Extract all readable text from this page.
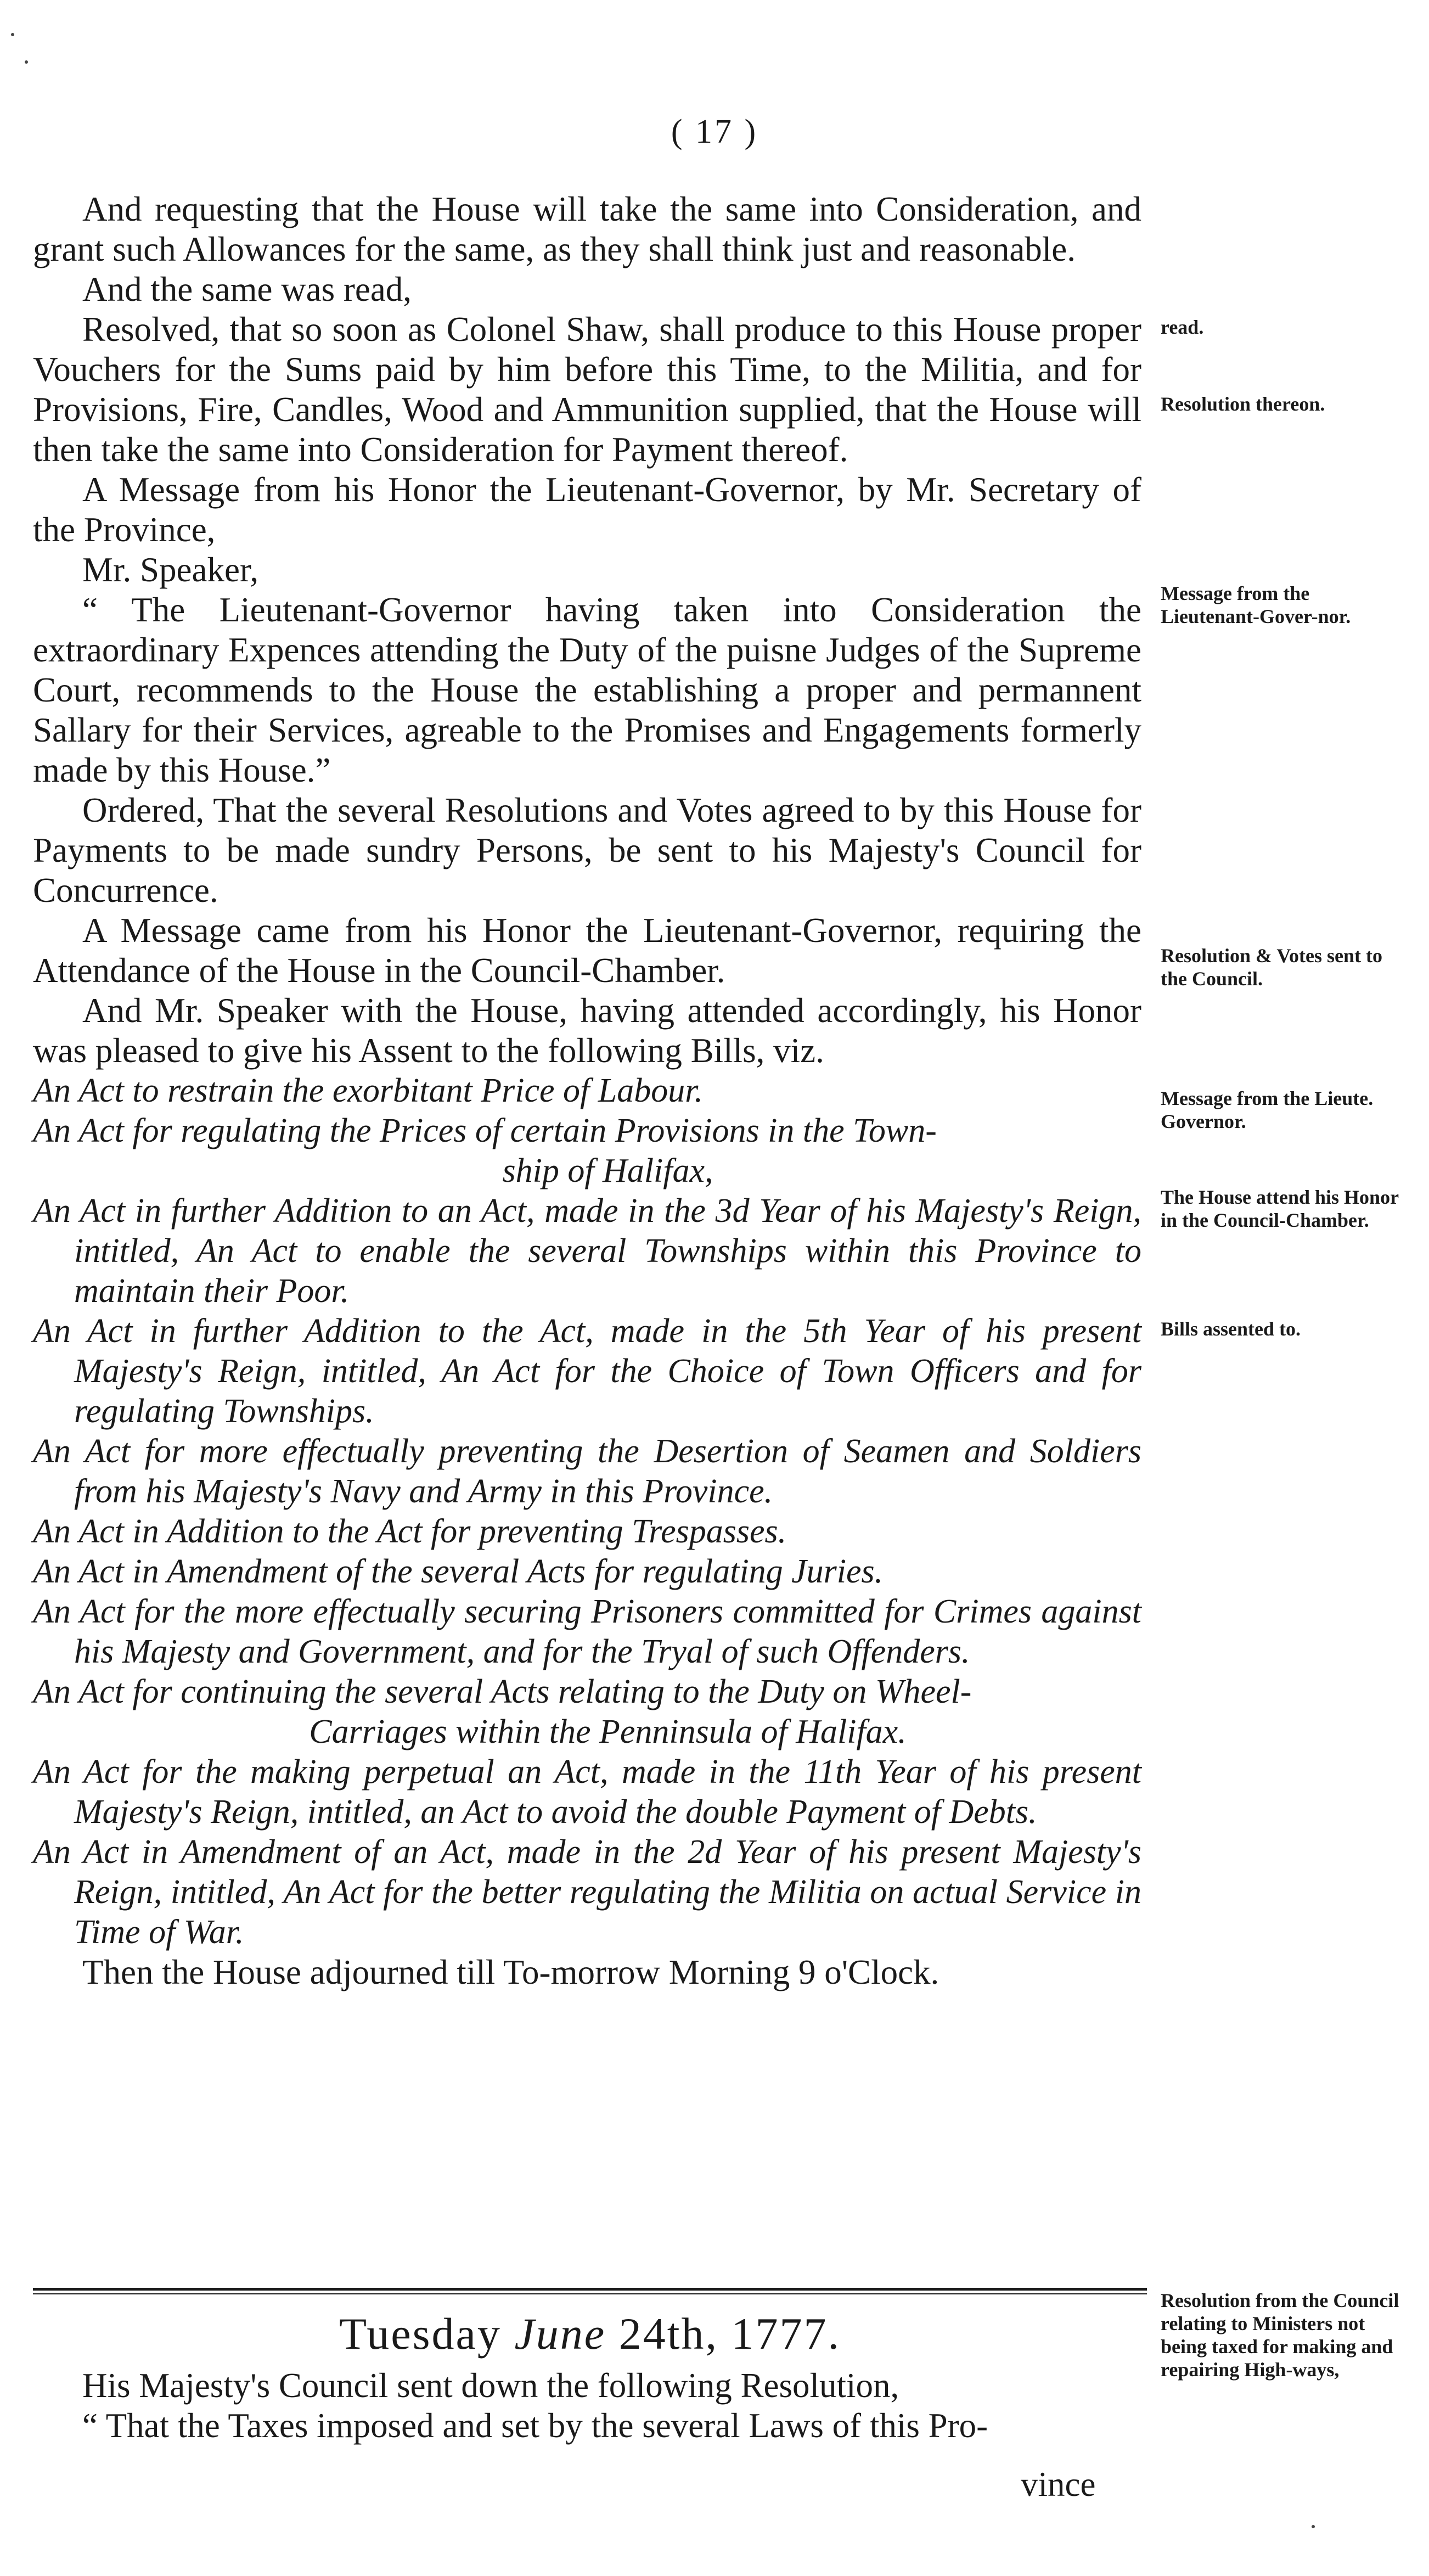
( 17 )

And requesting that the House will take the same into Consideration, and grant such Allowances for the same, as they shall think just and reasonable.

And the same was read,

Resolved, that so soon as Colonel Shaw, shall produce to this House proper Vouchers for the Sums paid by him before this Time, to the Militia, and for Provisions, Fire, Candles, Wood and Ammunition supplied, that the House will then take the same into Consideration for Payment thereof.

A Message from his Honor the Lieutenant-Governor, by Mr. Secretary of the Province,

Mr. Speaker,

“ The Lieutenant-Governor having taken into Consideration the extraordinary Expences attending the Duty of the puisne Judges of the Supreme Court, recommends to the House the establishing a proper and permannent Sallary for their Services, agreable to the Promises and Engagements formerly made by this House.”

Ordered, That the several Resolutions and Votes agreed to by this House for Payments to be made sundry Persons, be sent to his Majesty's Council for Concurrence.

A Message came from his Honor the Lieutenant-Governor, requiring the Attendance of the House in the Council-Chamber.

And Mr. Speaker with the House, having attended accordingly, his Honor was pleased to give his Assent to the following Bills, viz.

An Act to restrain the exorbitant Price of Labour.

An Act for regulating the Prices of certain Provisions in the Town-
ship of Halifax,

An Act in further Addition to an Act, made in the 3d Year of his Majesty's Reign, intitled, An Act to enable the several Townships within this Province to maintain their Poor.

An Act in further Addition to the Act, made in the 5th Year of his present Majesty's Reign, intitled, An Act for the Choice of Town Officers and for regulating Townships.

An Act for more effectually preventing the Desertion of Seamen and Soldiers from his Majesty's Navy and Army in this Province.

An Act in Addition to the Act for preventing Trespasses.

An Act in Amendment of the several Acts for regulating Juries.

An Act for the more effectually securing Prisoners committed for Crimes against his Majesty and Government, and for the Tryal of such Offenders.

An Act for continuing the several Acts relating to the Duty on Wheel-
Carriages within the Penninsula of Halifax.

An Act for the making perpetual an Act, made in the 11th Year of his present Majesty's Reign, intitled, an Act to avoid the double Payment of Debts.

An Act in Amendment of an Act, made in the 2d Year of his present Majesty's Reign, intitled, An Act for the better regulating the Militia on actual Service in Time of War.

Then the House adjourned till To-morrow Morning 9 o'Clock.

Tuesday June 24th, 1777.

His Majesty's Council sent down the following Resolution,

“ That the Taxes imposed and set by the several Laws of this Pro-

vince
read.
Resolution thereon.
Message from the Lieutenant-Gover-nor.
Resolution & Votes sent to the Council.
Message from the Lieute. Governor.
The House attend his Honor in the Council-Chamber.
Bills assented to.
Resolution from the Council relating to Ministers not being taxed for making and repairing High-ways,
